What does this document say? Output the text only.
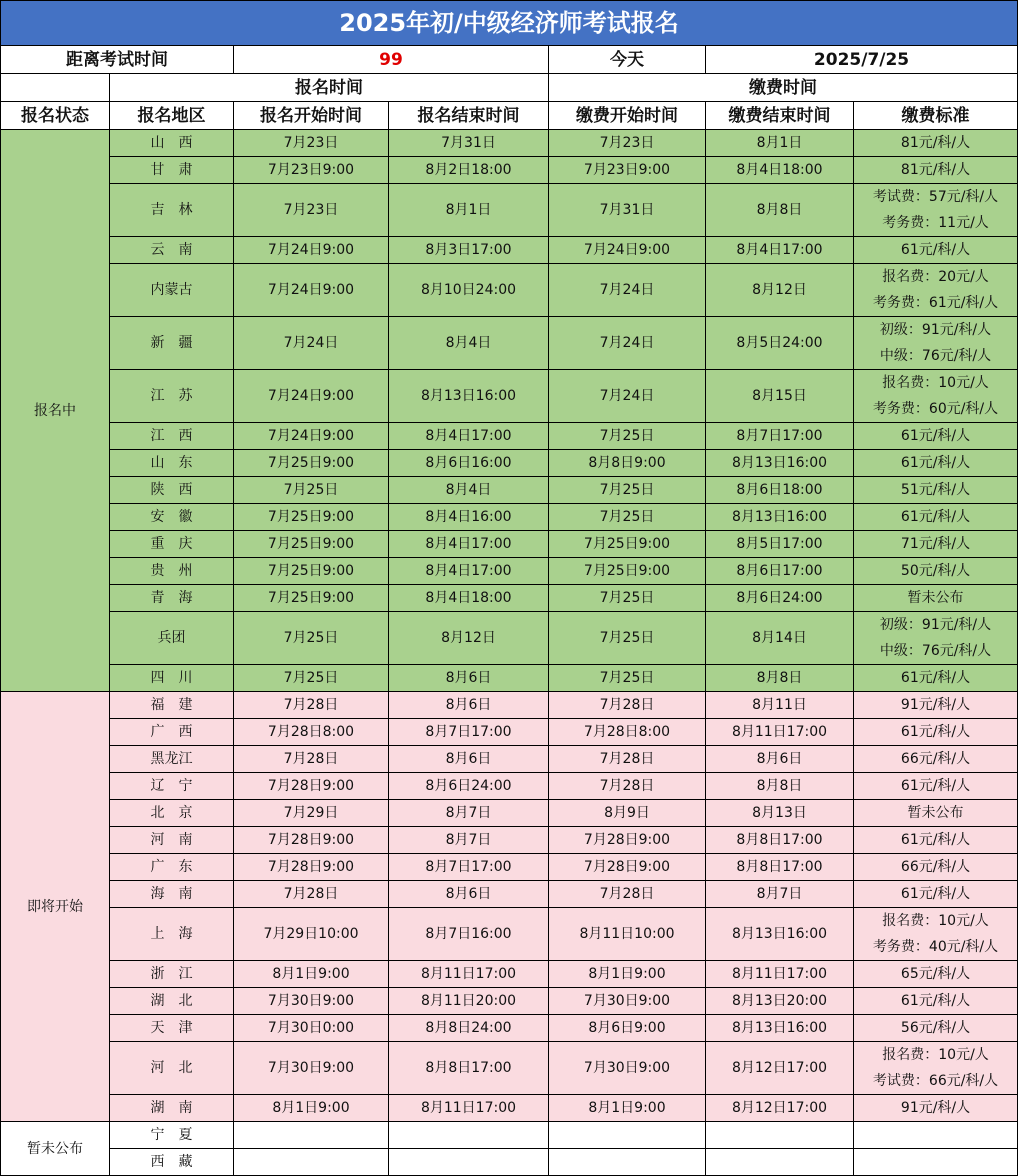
2025年初/中级经济师考试报名						
距离考试时间		99		今天	2025/7/25	
	报名时间			缴费时间		
报名状态	报名地区	报名开始时间	报名结束时间	缴费开始时间	缴费结束时间	缴费标准
报名中	山　西	7月23日	7月31日	7月23日	8月1日	81元/科/人

	甘　肃	7月23日9:00	8月2日18:00	7月23日9:00	8月4日18:00	81元/科/人

	吉　林	7月23日	8月1日	7月31日	8月8日	考试费：57元/科/人
考务费：11元/人

	云　南	7月24日9:00	8月3日17:00	7月24日9:00	8月4日17:00	61元/科/人

	内蒙古	7月24日9:00	8月10日24:00	7月24日	8月12日	报名费：20元/人
考务费：61元/科/人

	新　疆	7月24日	8月4日	7月24日	8月5日24:00	初级：91元/科/人
中级：76元/科/人

	江　苏	7月24日9:00	8月13日16:00	7月24日	8月15日	报名费：10元/人
考务费：60元/科/人

	江　西	7月24日9:00	8月4日17:00	7月25日	8月7日17:00	61元/科/人

	山　东	7月25日9:00	8月6日16:00	8月8日9:00	8月13日16:00	61元/科/人

	陕　西	7月25日	8月4日	7月25日	8月6日18:00	51元/科/人

	安　徽	7月25日9:00	8月4日16:00	7月25日	8月13日16:00	61元/科/人

	重　庆	7月25日9:00	8月4日17:00	7月25日9:00	8月5日17:00	71元/科/人

	贵　州	7月25日9:00	8月4日17:00	7月25日9:00	8月6日17:00	50元/科/人

	青　海	7月25日9:00	8月4日18:00	7月25日	8月6日24:00	暂未公布

	兵团	7月25日	8月12日	7月25日	8月14日	初级：91元/科/人
中级：76元/科/人

	四　川	7月25日	8月6日	7月25日	8月8日	61元/科/人

即将开始	福　建	7月28日	8月6日	7月28日	8月11日	91元/科/人

	广　西	7月28日8:00	8月7日17:00	7月28日8:00	8月11日17:00	61元/科/人

	黑龙江	7月28日	8月6日	7月28日	8月6日	66元/科/人

	辽　宁	7月28日9:00	8月6日24:00	7月28日	8月8日	61元/科/人

	北　京	7月29日	8月7日	8月9日	8月13日	暂未公布

	河　南	7月28日9:00	8月7日	7月28日9:00	8月8日17:00	61元/科/人

	广　东	7月28日9:00	8月7日17:00	7月28日9:00	8月8日17:00	66元/科/人

	海　南	7月28日	8月6日	7月28日	8月7日	61元/科/人

	上　海	7月29日10:00	8月7日16:00	8月11日10:00	8月13日16:00	报名费：10元/人
考务费：40元/科/人

	浙　江	8月1日9:00	8月11日17:00	8月1日9:00	8月11日17:00	65元/科/人

	湖　北	7月30日9:00	8月11日20:00	7月30日9:00	8月13日20:00	61元/科/人

	天　津	7月30日0:00	8月8日24:00	8月6日9:00	8月13日16:00	56元/科/人

	河　北	7月30日9:00	8月8日17:00	7月30日9:00	8月12日17:00	报名费：10元/人
考试费：66元/科/人

	湖　南	8月1日9:00	8月11日17:00	8月1日9:00	8月12日17:00	91元/科/人

暂未公布	宁　夏					
	西　藏					
